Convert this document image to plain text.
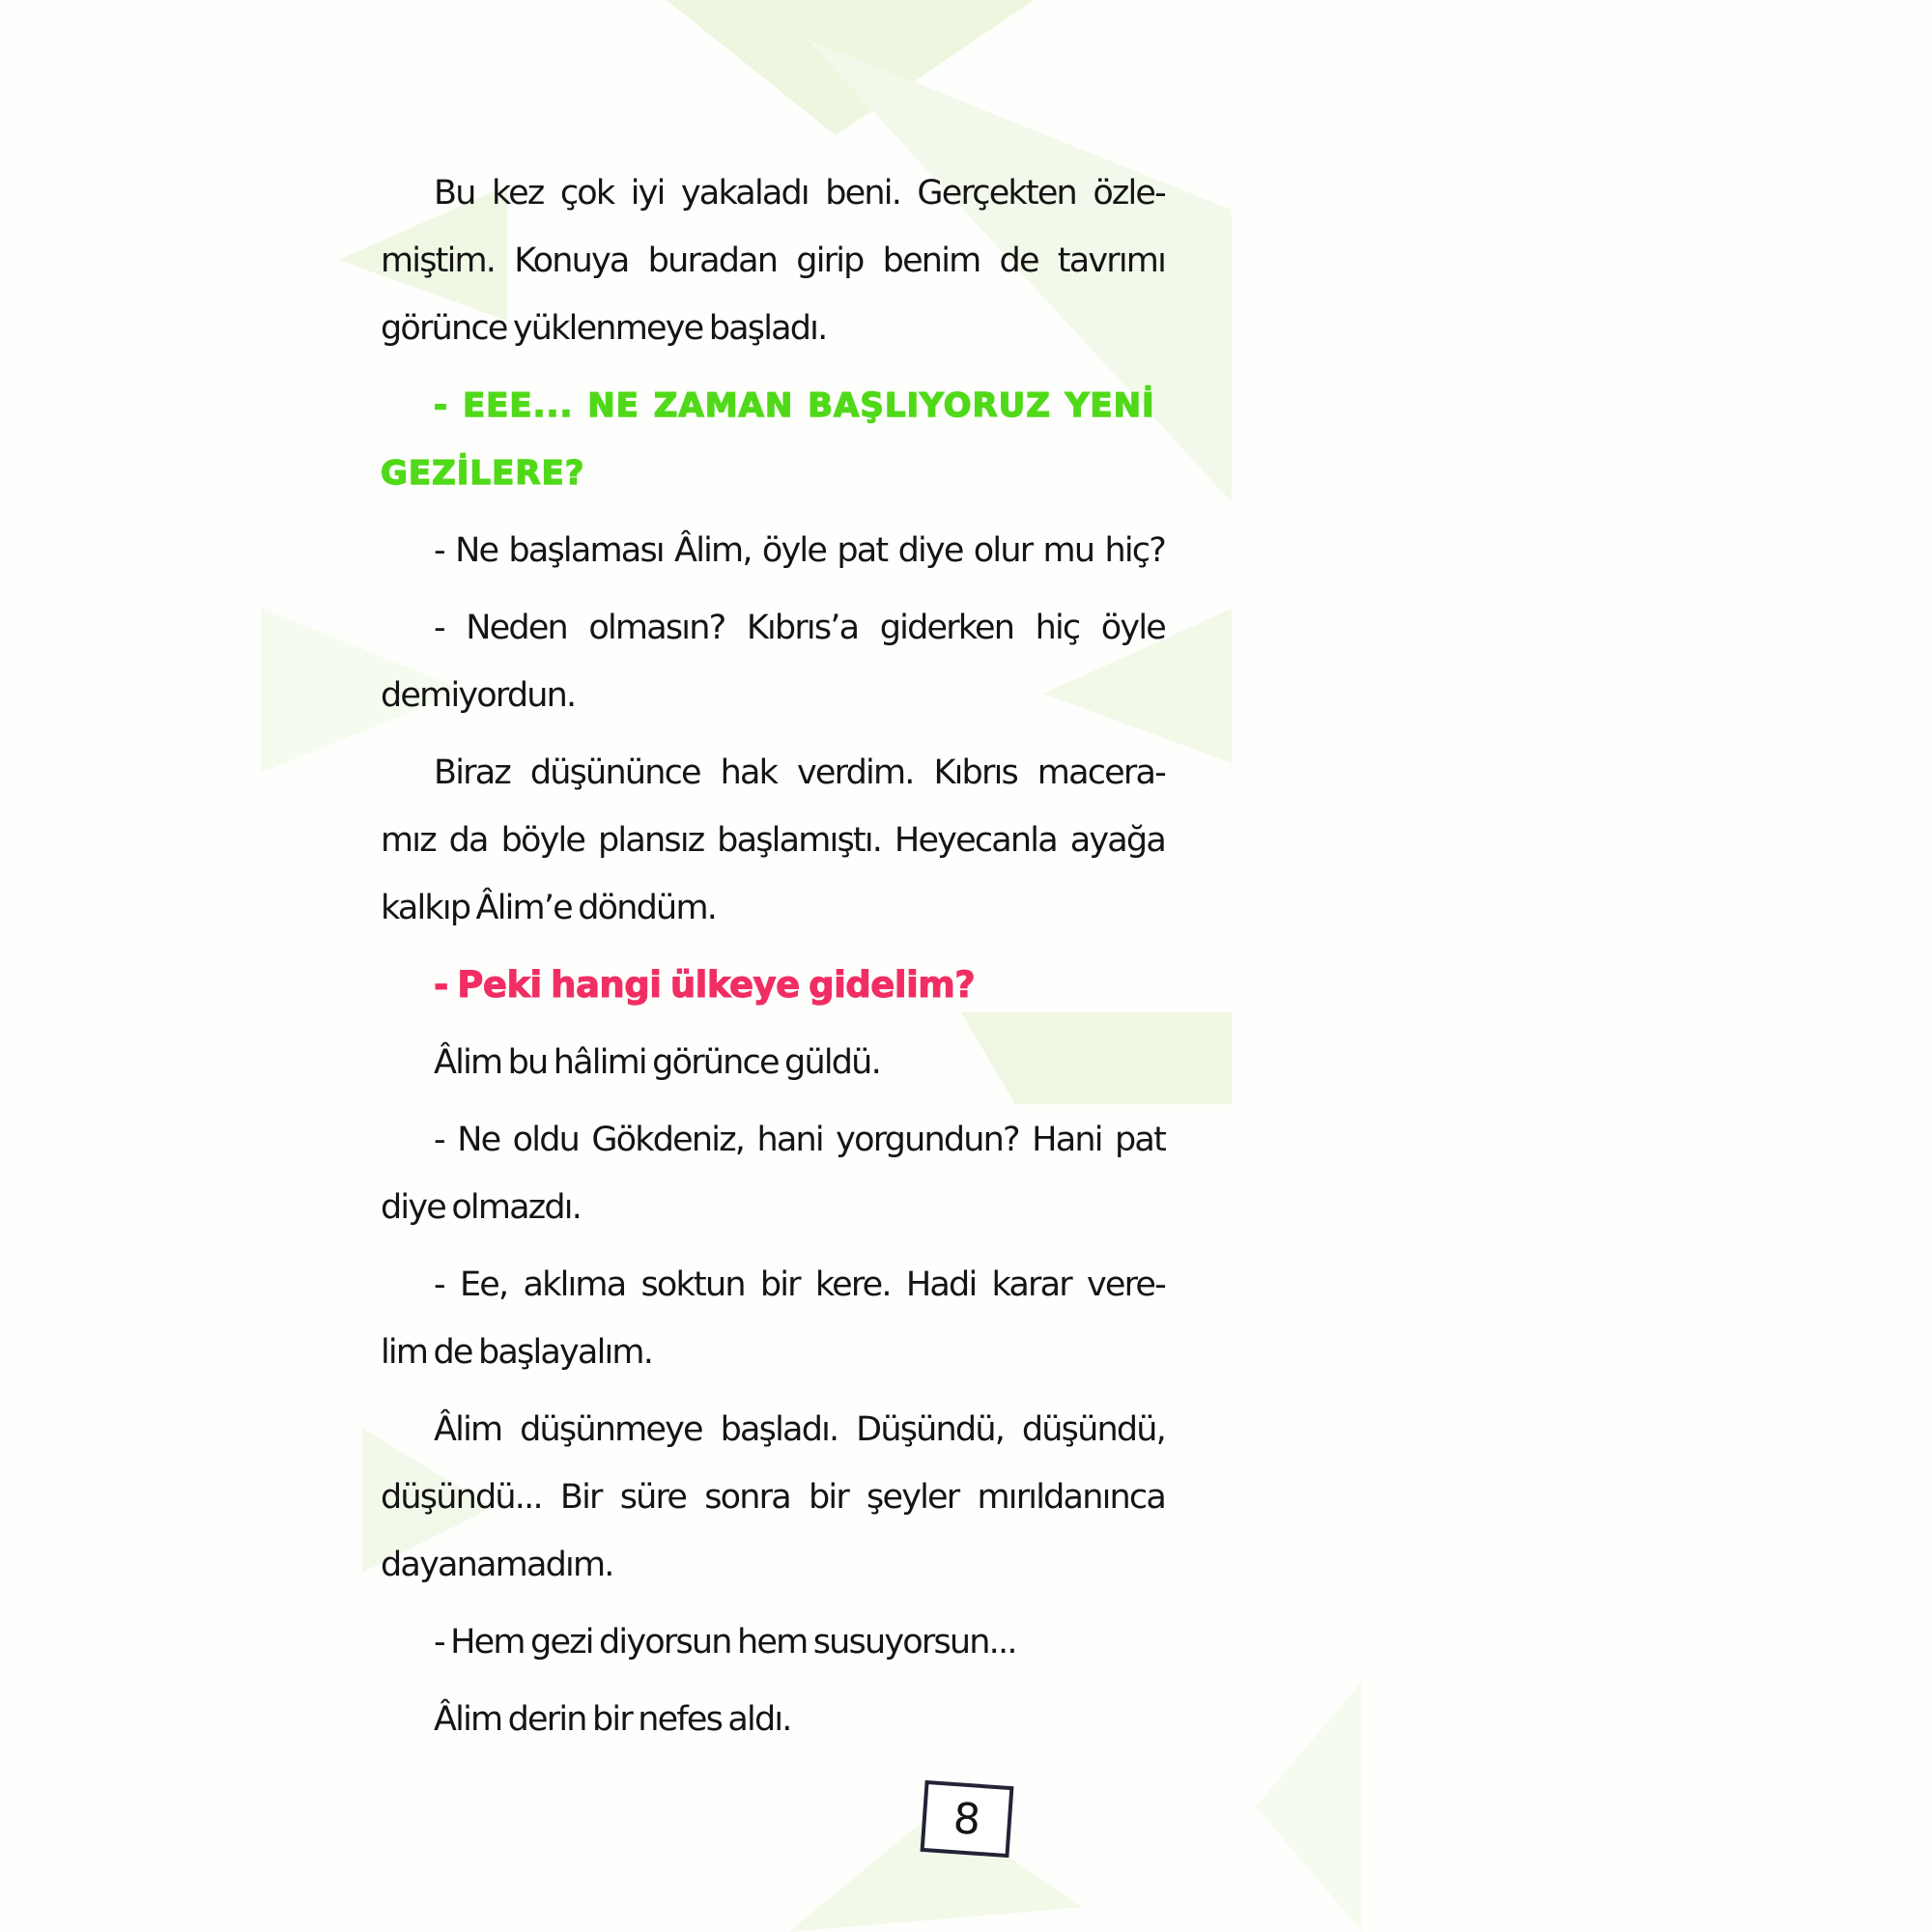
Bu kez çok iyi yakaladı beni. Gerçekten özle-
miştim. Konuya buradan girip benim de tavrımı
görünce yüklenmeye başladı.
- EEE... NE ZAMAN BAŞLIYORUZ YENİ
GEZİLERE?
- Ne başlaması Âlim, öyle pat diye olur mu hiç?
- Neden olmasın? Kıbrıs’a giderken hiç öyle
demiyordun.
Biraz düşününce hak verdim. Kıbrıs macera-
mız da böyle plansız başlamıştı. Heyecanla ayağa
kalkıp Âlim’e döndüm.
- Peki hangi ülkeye gidelim?
Âlim bu hâlimi görünce güldü.
- Ne oldu Gökdeniz, hani yorgundun? Hani pat
diye olmazdı.
- Ee, aklıma soktun bir kere. Hadi karar vere-
lim de başlayalım.
Âlim düşünmeye başladı. Düşündü, düşündü,
düşündü... Bir süre sonra bir şeyler mırıldanınca
dayanamadım.
- Hem gezi diyorsun hem susuyorsun...
Âlim derin bir nefes aldı.
8
